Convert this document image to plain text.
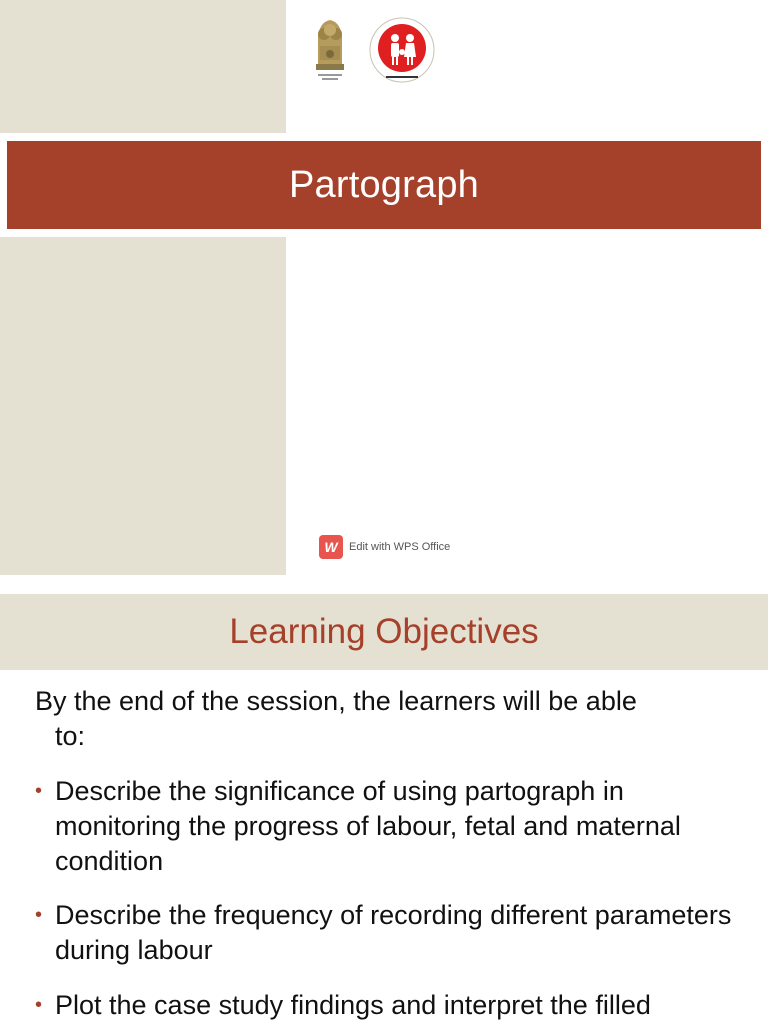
Partograph
W	Edit with WPS Office
Learning Objectives
By the end of the session, the learners will be able
to:
• Describe the significance of using partograph in monitoring the progress of labour, fetal and maternal condition
• Describe the frequency of recording different parameters during labour
• Plot the case study findings and interpret the filled
